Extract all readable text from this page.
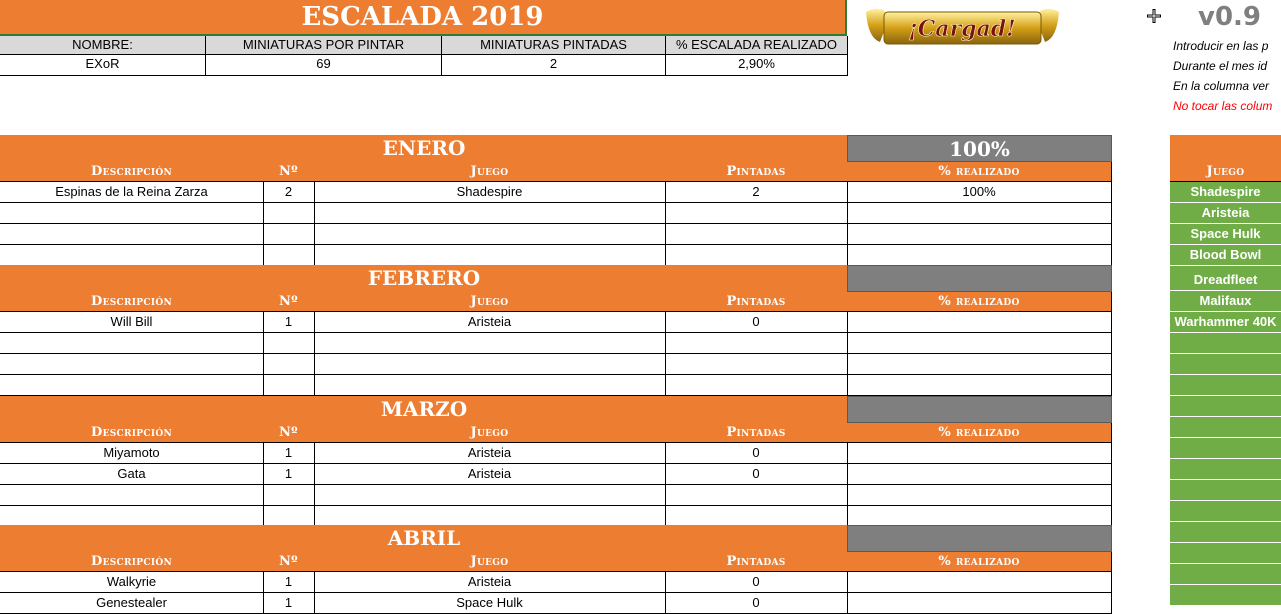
ESCALADA 2019	¡Cargad!	v0.9
NOMBRE:	MINIATURAS POR PINTAR	MINIATURAS PINTADAS	% ESCALADA REALIZADO
EXoR	69	2	2,90%
Introducir en las p
Durante el mes id
En la columna ver
No tocar las colum
ENERO	100%
Descripción	Nº	Juego	Pintadas	% realizado
Espinas de la Reina Zarza	2	Shadespire	2	100%
FEBRERO
Descripción	Nº	Juego	Pintadas	% realizado
Will Bill	1	Aristeia	0
MARZO
Descripción	Nº	Juego	Pintadas	% realizado
Miyamoto	1	Aristeia	0
Gata	1	Aristeia	0
ABRIL
Descripción	Nº	Juego	Pintadas	% realizado
Walkyrie	1	Aristeia	0
Genestealer	1	Space Hulk	0
Juego
Shadespire
Aristeia
Space Hulk
Blood Bowl
Dreadfleet
Malifaux
Warhammer 40K
